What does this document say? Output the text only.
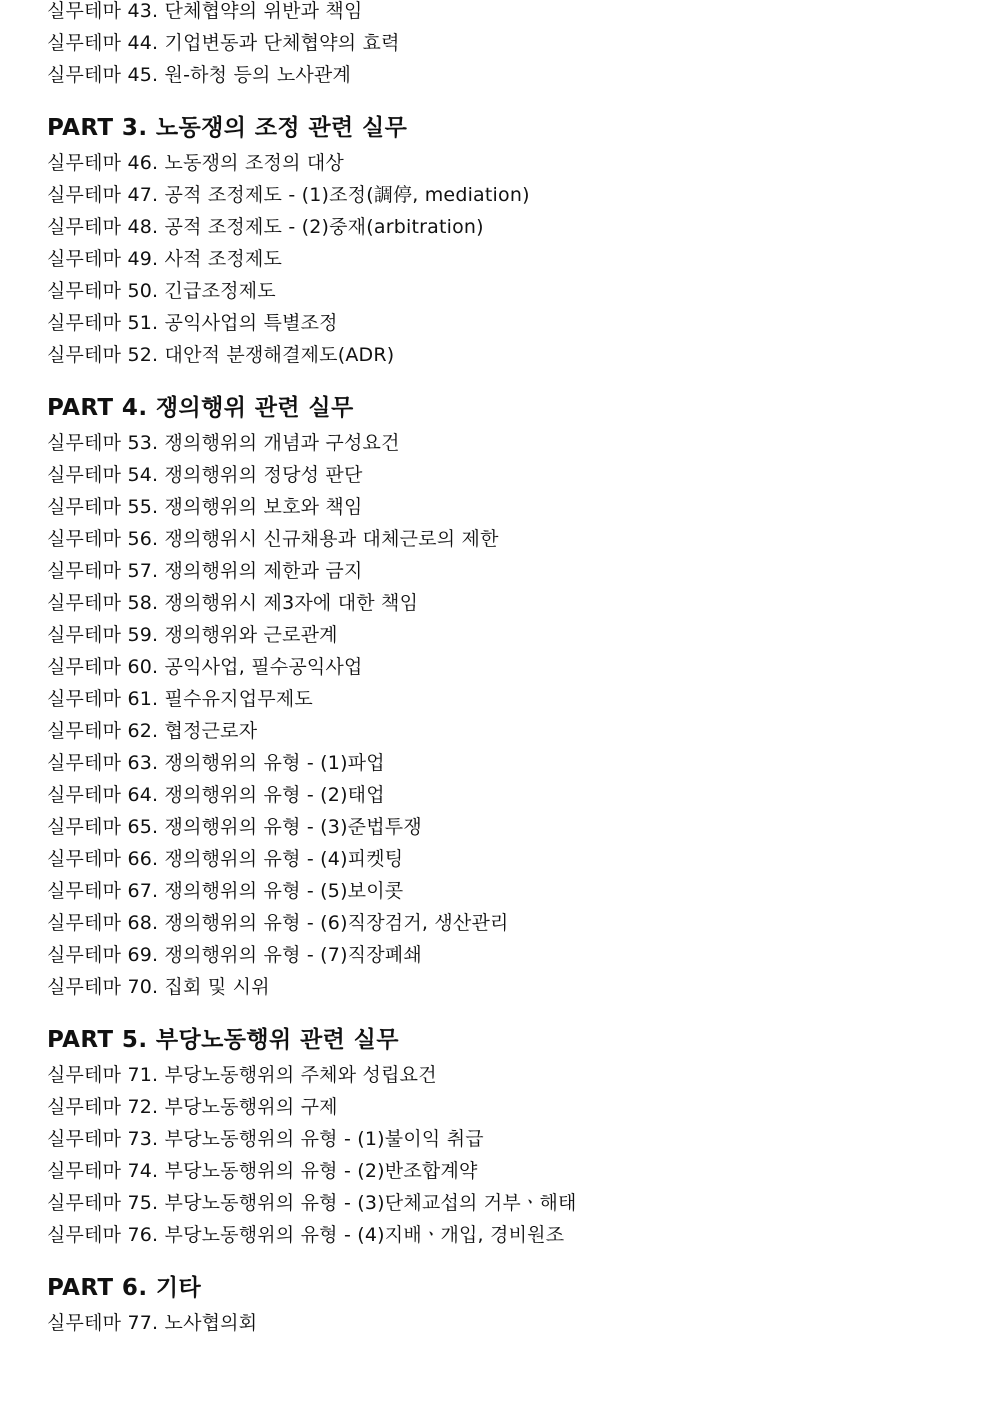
실무테마 43. 단체협약의 위반과 책임
실무테마 44. 기업변동과 단체협약의 효력
실무테마 45. 원-하청 등의 노사관계
PART 3. 노동쟁의 조정 관련 실무
실무테마 46. 노동쟁의 조정의 대상
실무테마 47. 공적 조정제도 - (1)조정(調停, mediation)
실무테마 48. 공적 조정제도 - (2)중재(arbitration)
실무테마 49. 사적 조정제도
실무테마 50. 긴급조정제도
실무테마 51. 공익사업의 특별조정
실무테마 52. 대안적 분쟁해결제도(ADR)
PART 4. 쟁의행위 관련 실무
실무테마 53. 쟁의행위의 개념과 구성요건
실무테마 54. 쟁의행위의 정당성 판단
실무테마 55. 쟁의행위의 보호와 책임
실무테마 56. 쟁의행위시 신규채용과 대체근로의 제한
실무테마 57. 쟁의행위의 제한과 금지
실무테마 58. 쟁의행위시 제3자에 대한 책임
실무테마 59. 쟁의행위와 근로관계
실무테마 60. 공익사업, 필수공익사업
실무테마 61. 필수유지업무제도
실무테마 62. 협정근로자
실무테마 63. 쟁의행위의 유형 - (1)파업
실무테마 64. 쟁의행위의 유형 - (2)태업
실무테마 65. 쟁의행위의 유형 - (3)준법투쟁
실무테마 66. 쟁의행위의 유형 - (4)피켓팅
실무테마 67. 쟁의행위의 유형 - (5)보이콧
실무테마 68. 쟁의행위의 유형 - (6)직장검거, 생산관리
실무테마 69. 쟁의행위의 유형 - (7)직장폐쇄
실무테마 70. 집회 및 시위
PART 5. 부당노동행위 관련 실무
실무테마 71. 부당노동행위의 주체와 성립요건
실무테마 72. 부당노동행위의 구제
실무테마 73. 부당노동행위의 유형 - (1)불이익 취급
실무테마 74. 부당노동행위의 유형 - (2)반조합계약
실무테마 75. 부당노동행위의 유형 - (3)단체교섭의 거부ㆍ해태
실무테마 76. 부당노동행위의 유형 - (4)지배ㆍ개입, 경비원조
PART 6. 기타
실무테마 77. 노사협의회
